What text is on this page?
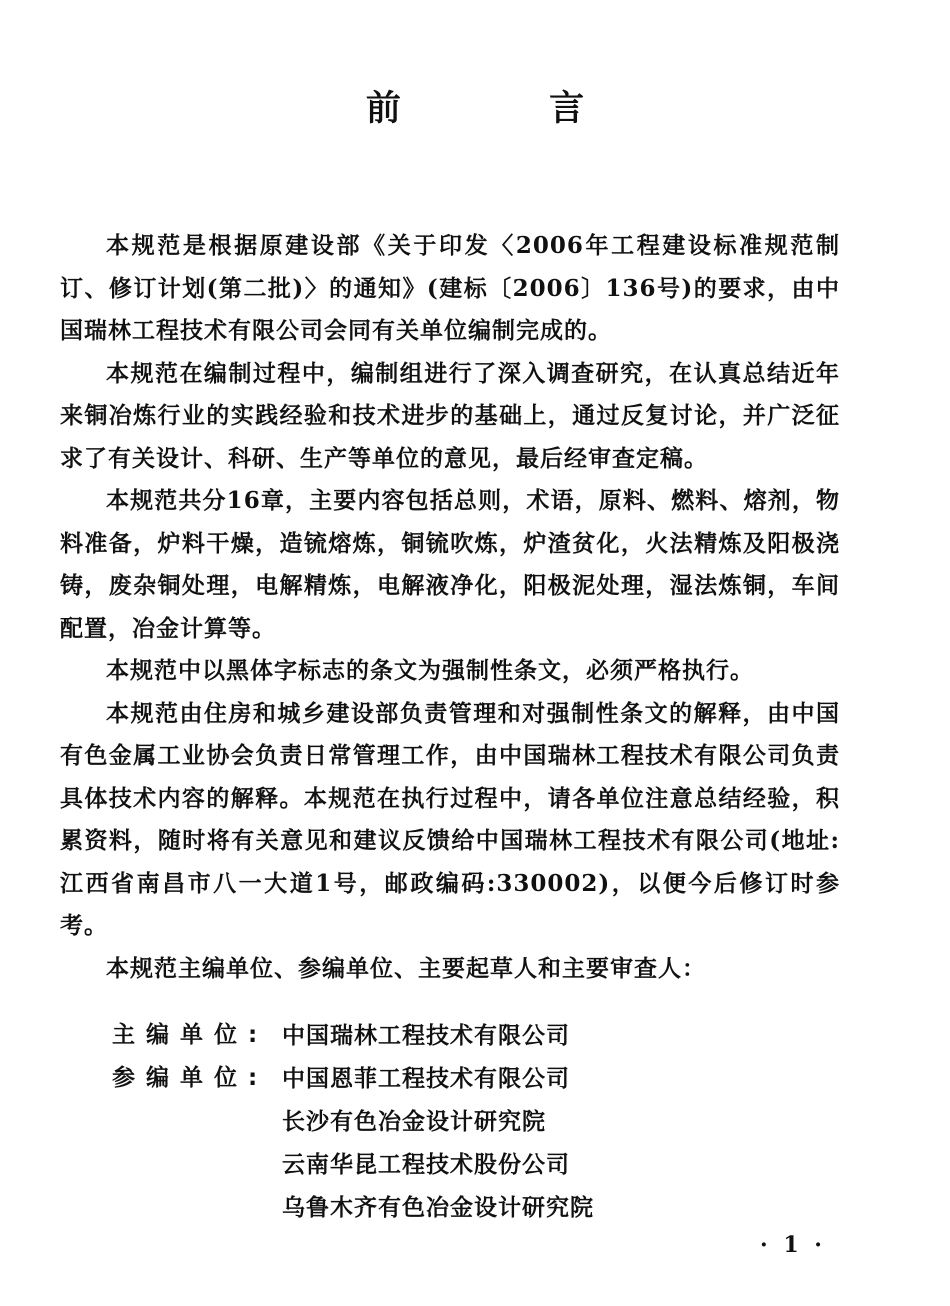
前 言

本规范是根据原建设部《关于印发〈2006年工程建设标准规范制订、修订计划(第二批)〉的通知》(建标〔2006〕136号)的要求，由中国瑞林工程技术有限公司会同有关单位编制完成的。

本规范在编制过程中，编制组进行了深入调查研究，在认真总结近年来铜冶炼行业的实践经验和技术进步的基础上，通过反复讨论，并广泛征求了有关设计、科研、生产等单位的意见，最后经审查定稿。

本规范共分16章，主要内容包括总则，术语，原料、燃料、熔剂，物料准备，炉料干燥，造锍熔炼，铜锍吹炼，炉渣贫化，火法精炼及阳极浇铸，废杂铜处理，电解精炼，电解液净化，阳极泥处理，湿法炼铜，车间配置，冶金计算等。

本规范中以黑体字标志的条文为强制性条文，必须严格执行。

本规范由住房和城乡建设部负责管理和对强制性条文的解释，由中国有色金属工业协会负责日常管理工作，由中国瑞林工程技术有限公司负责具体技术内容的解释。本规范在执行过程中，请各单位注意总结经验，积累资料，随时将有关意见和建议反馈给中国瑞林工程技术有限公司(地址:江西省南昌市八一大道1号，邮政编码:330002)，以便今后修订时参考。

本规范主编单位、参编单位、主要起草人和主要审查人：

主编单位: 中国瑞林工程技术有限公司
参编单位: 中国恩菲工程技术有限公司
长沙有色冶金设计研究院
云南华昆工程技术股份公司
乌鲁木齐有色冶金设计研究院
· 1 ·
